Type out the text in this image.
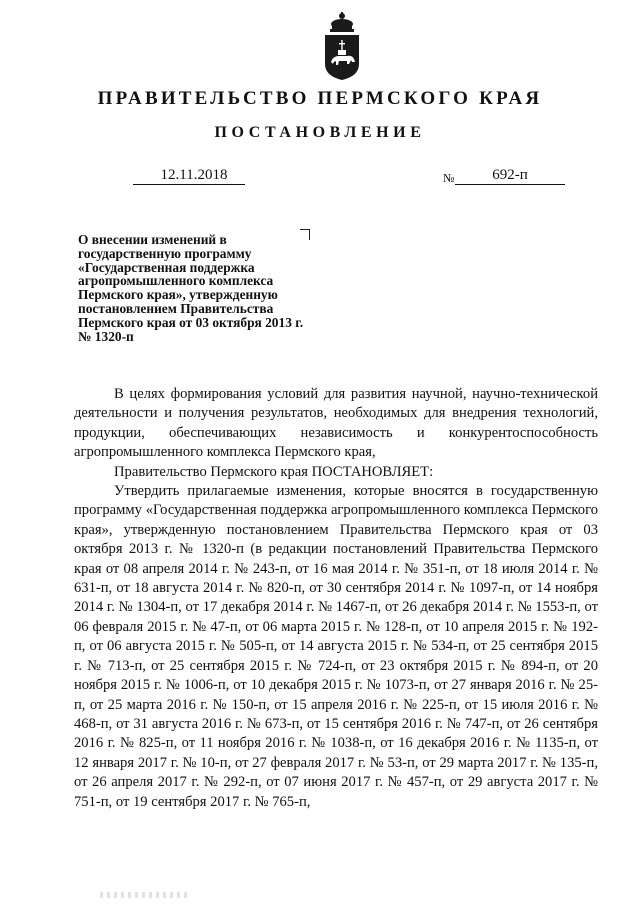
ПРАВИТЕЛЬСТВО ПЕРМСКОГО КРАЯ
ПОСТАНОВЛЕНИЕ
12.11.2018	№	692-п
О внесении изменений в государственную программу «Государственная поддержка агропромышленного комплекса Пермского края», утвержденную постановлением Правительства Пермского края от 03 октября 2013 г. № 1320-п

В целях формирования условий для развития научной, научно-технической деятельности и получения результатов, необходимых для внедрения технологий, продукции, обеспечивающих независимость и конкурентоспособность агропромышленного комплекса Пермского края,

Правительство Пермского края ПОСТАНОВЛЯЕТ:

Утвердить прилагаемые изменения, которые вносятся в государственную программу «Государственная поддержка агропромышленного комплекса Пермского края», утвержденную постановлением Правительства Пермского края от 03 октября 2013 г. № 1320-п (в редакции постановлений Правительства Пермского края от 08 апреля 2014 г. № 243-п, от 16 мая 2014 г. № 351-п, от 18 июля 2014 г. № 631-п, от 18 августа 2014 г. № 820-п, от 30 сентября 2014 г. № 1097-п, от 14 ноября 2014 г. № 1304-п, от 17 декабря 2014 г. № 1467-п, от 26 декабря 2014 г. № 1553-п, от 06 февраля 2015 г. № 47-п, от 06 марта 2015 г. № 128-п, от 10 апреля 2015 г. № 192-п, от 06 августа 2015 г. № 505-п, от 14 августа 2015 г. № 534-п, от 25 сентября 2015 г. № 713-п, от 25 сентября 2015 г. № 724-п, от 23 октября 2015 г. № 894-п, от 20 ноября 2015 г. № 1006-п, от 10 декабря 2015 г. № 1073-п, от 27 января 2016 г. № 25-п, от 25 марта 2016 г. № 150-п, от 15 апреля 2016 г. № 225-п, от 15 июля 2016 г. № 468-п, от 31 августа 2016 г. № 673-п, от 15 сентября 2016 г. № 747-п, от 26 сентября 2016 г. № 825-п, от 11 ноября 2016 г. № 1038-п, от 16 декабря 2016 г. № 1135-п, от 12 января 2017 г. № 10-п, от 27 февраля 2017 г. № 53-п, от 29 марта 2017 г. № 135-п, от 26 апреля 2017 г. № 292-п, от 07 июня 2017 г. № 457-п, от 29 августа 2017 г. № 751-п, от 19 сентября 2017 г. № 765-п,
